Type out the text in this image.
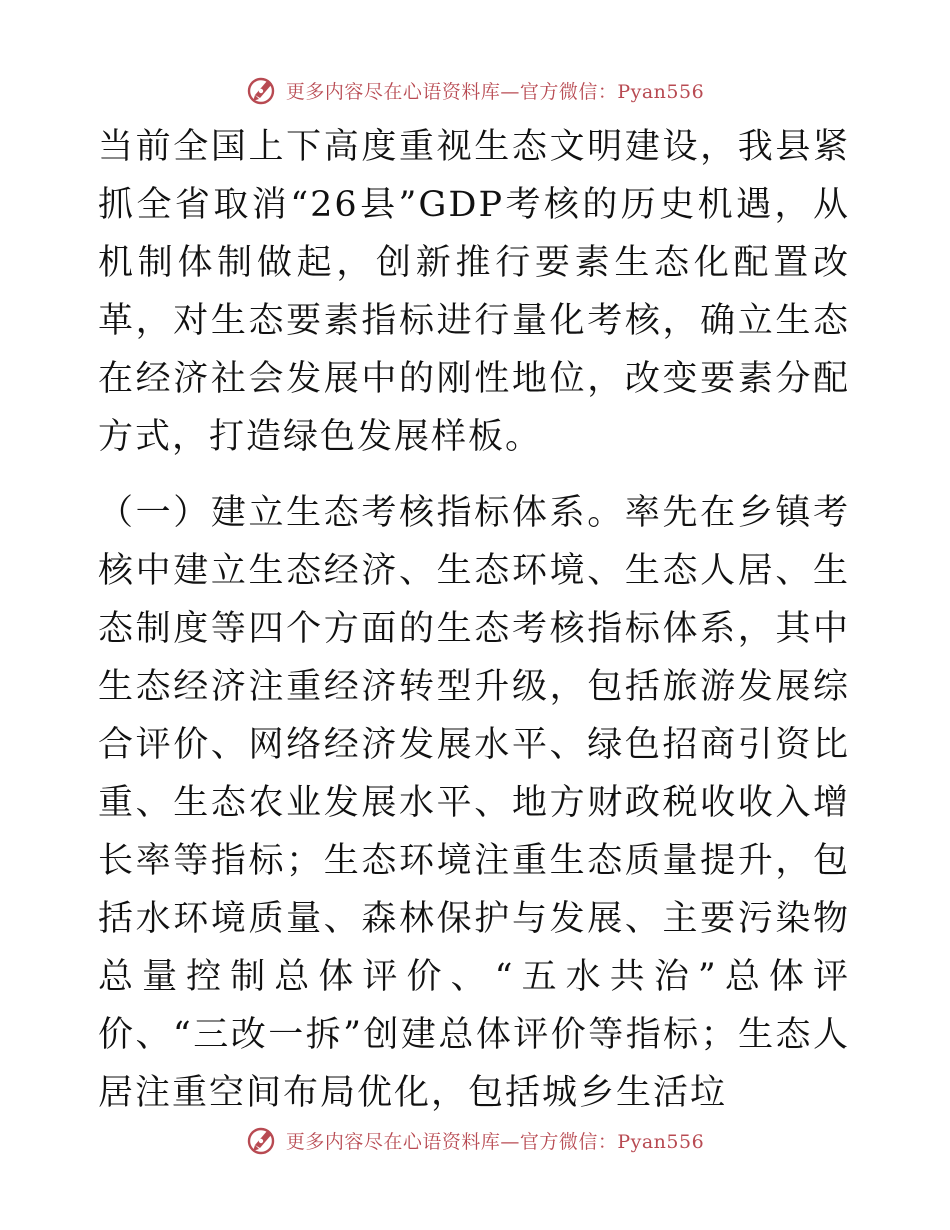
更多内容尽在心语资料库—官方微信：Pyan556

当前全国上下高度重视生态文明建设，我县紧抓全省取消“26县”GDP考核的历史机遇，从机制体制做起，创新推行要素生态化配置改革，对生态要素指标进行量化考核，确立生态在经济社会发展中的刚性地位，改变要素分配方式，打造绿色发展样板。

（一）建立生态考核指标体系。率先在乡镇考核中建立生态经济、生态环境、生态人居、生态制度等四个方面的生态考核指标体系，其中生态经济注重经济转型升级，包括旅游发展综合评价、网络经济发展水平、绿色招商引资比重、生态农业发展水平、地方财政税收收入增长率等指标；生态环境注重生态质量提升，包括水环境质量、森林保护与发展、主要污染物总量控制总体评价、“五水共治”总体评价、“三改一拆”创建总体评价等指标；生态人居注重空间布局优化，包括城乡生活垃

更多内容尽在心语资料库—官方微信：Pyan556
